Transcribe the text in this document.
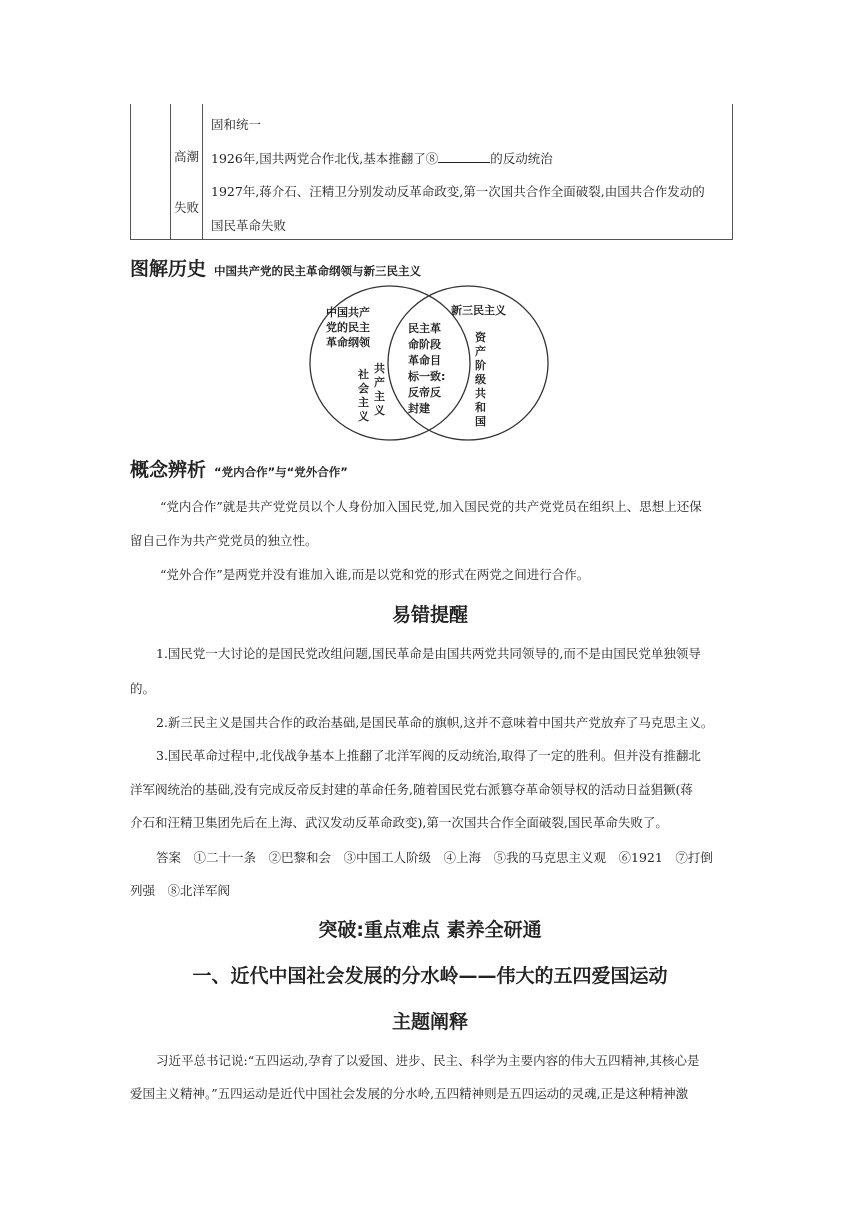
高潮
失败
固和统一
1926年,国共两党合作北伐,基本推翻了⑧	的反动统治
1927年,蒋介石、汪精卫分别发动反革命政变,第一次国共合作全面破裂,由国共合作发动的
国民革命失败
图解历史 中国共产党的民主革命纲领与新三民主义
中国共产
党的民主
革命纲领
社
会
主
义
共
产
主
义
民主革
命阶段
革命目
标一致:
反帝反
封建
新三民主义
资
产
阶
级
共
和
国
概念辨析 “党内合作”与“党外合作”
“党内合作”就是共产党党员以个人身份加入国民党,加入国民党的共产党党员在组织上、思想上还保
留自己作为共产党党员的独立性。
“党外合作”是两党并没有谁加入谁,而是以党和党的形式在两党之间进行合作。
易错提醒
1.国民党一大讨论的是国民党改组问题,国民革命是由国共两党共同领导的,而不是由国民党单独领导
的。
2.新三民主义是国共合作的政治基础,是国民革命的旗帜,这并不意味着中国共产党放弃了马克思主义。
3.国民革命过程中,北伐战争基本上推翻了北洋军阀的反动统治,取得了一定的胜利。但并没有推翻北
洋军阀统治的基础,没有完成反帝反封建的革命任务,随着国民党右派篡夺革命领导权的活动日益猖獗(蒋
介石和汪精卫集团先后在上海、武汉发动反革命政变),第一次国共合作全面破裂,国民革命失败了。
答案　①二十一条　②巴黎和会　③中国工人阶级　④上海　⑤我的马克思主义观　⑥1921　⑦打倒
列强　⑧北洋军阀
突破:重点难点 素养全研通
一、近代中国社会发展的分水岭——伟大的五四爱国运动
主题阐释
习近平总书记说:“五四运动,孕育了以爱国、进步、民主、科学为主要内容的伟大五四精神,其核心是
爱国主义精神。”五四运动是近代中国社会发展的分水岭,五四精神则是五四运动的灵魂,正是这种精神激
